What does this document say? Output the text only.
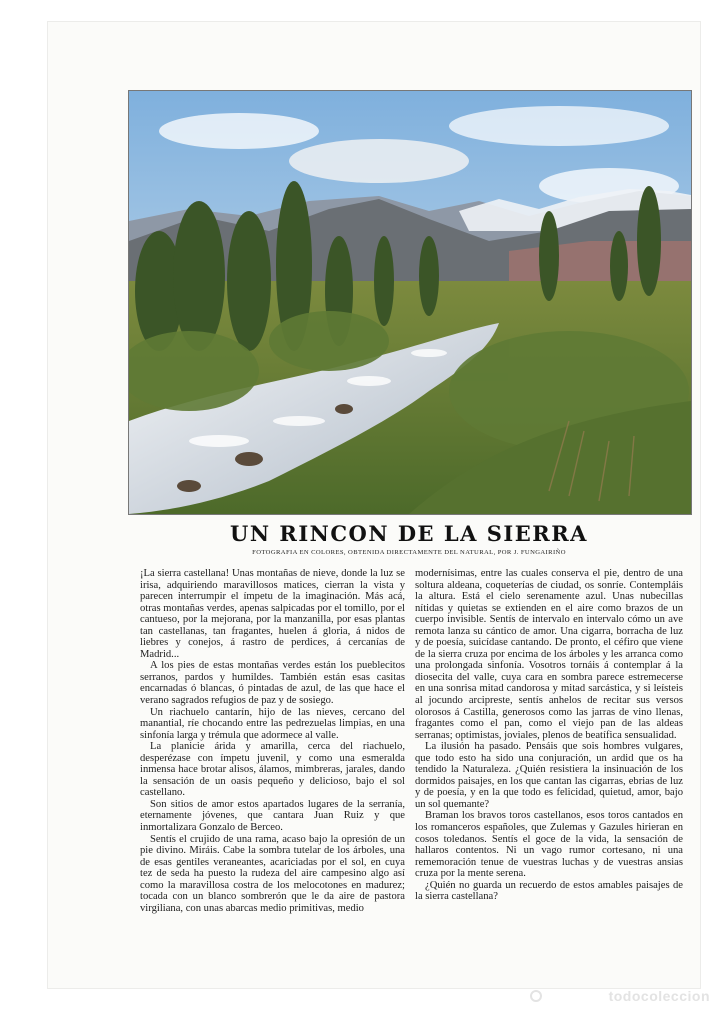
UN RINCON DE LA SIERRA
FOTOGRAFIA EN COLORES, OBTENIDA DIRECTAMENTE DEL NATURAL, POR J. FUNGAIRIÑO

¡La sierra castellana! Unas montañas de nieve, donde la luz se irisa, adquiriendo maravillosos matices, cierran la vista y parecen interrumpir el ímpetu de la imaginación. Más acá, otras montañas verdes, apenas salpicadas por el tomillo, por el cantueso, por la mejorana, por la manzanilla, por esas plantas tan castellanas, tan fragantes, huelen á gloria, á nidos de liebres y conejos, á rastro de perdices, á cercanías de Madrid...

A los pies de estas montañas verdes están los pueblecitos serranos, pardos y humildes. También están esas casitas encarnadas ó blancas, ó pintadas de azul, de las que hace el verano sagrados refugios de paz y de sosiego.

Un riachuelo cantarín, hijo de las nieves, cercano del manantial, ríe chocando entre las pedrezuelas limpias, en una sinfonía larga y trémula que adormece al valle.

La planicie árida y amarilla, cerca del riachuelo, desperézase con ímpetu juvenil, y como una esmeralda inmensa hace brotar alisos, álamos, mimbreras, jarales, dando la sensación de un oasis pequeño y delicioso, bajo el sol castellano.

Son sitios de amor estos apartados lugares de la serranía, eternamente jóvenes, que cantara Juan Ruiz y que inmortalizara Gonzalo de Berceo.

Sentís el crujido de una rama, acaso bajo la opresión de un pie divino. Miráis. Cabe la sombra tutelar de los árboles, una de esas gentiles veraneantes, acariciadas por el sol, en cuya tez de seda ha puesto la rudeza del aire campesino algo así como la maravillosa costra de los melocotones en madurez; tocada con un blanco sombrerón que le da aire de pastora virgiliana, con unas abarcas medio primitivas, medio

modernísimas, entre las cuales conserva el pie, dentro de una soltura aldeana, coqueterías de ciudad, os sonríe. Contempláis la altura. Está el cielo serenamente azul. Unas nubecillas nítidas y quietas se extienden en el aire como brazos de un cuerpo invisible. Sentís de intervalo en intervalo cómo un ave remota lanza su cántico de amor. Una cigarra, borracha de luz y de poesía, suicídase cantando. De pronto, el céfiro que viene de la sierra cruza por encima de los árboles y les arranca como una prolongada sinfonía. Vosotros tornáis á contemplar á la diosecita del valle, cuya cara en sombra parece estremecerse en una sonrisa mitad candorosa y mitad sarcástica, y si leísteis al jocundo arcipreste, sentís anhelos de recitar sus versos olorosos á Castilla, generosos como las jarras de vino llenas, fragantes como el pan, como el viejo pan de las aldeas serranas; optimistas, joviales, plenos de beatífica sensualidad.

La ilusión ha pasado. Pensáis que sois hombres vulgares, que todo esto ha sido una conjuración, un ardid que os ha tendido la Naturaleza. ¿Quién resistiera la insinuación de los dormidos paisajes, en los que cantan las cigarras, ebrias de luz y de poesía, y en la que todo es felicidad, quietud, amor, bajo un sol quemante?

Braman los bravos toros castellanos, esos toros cantados en los romanceros españoles, que Zulemas y Gazules hirieran en cosos toledanos. Sentís el goce de la vida, la sensación de hallaros contentos. Ni un vago rumor cortesano, ni una rememoración tenue de vuestras luchas y de vuestras ansias cruza por la mente serena.

¿Quién no guarda un recuerdo de estos amables paisajes de la sierra castellana?

todocoleccion
